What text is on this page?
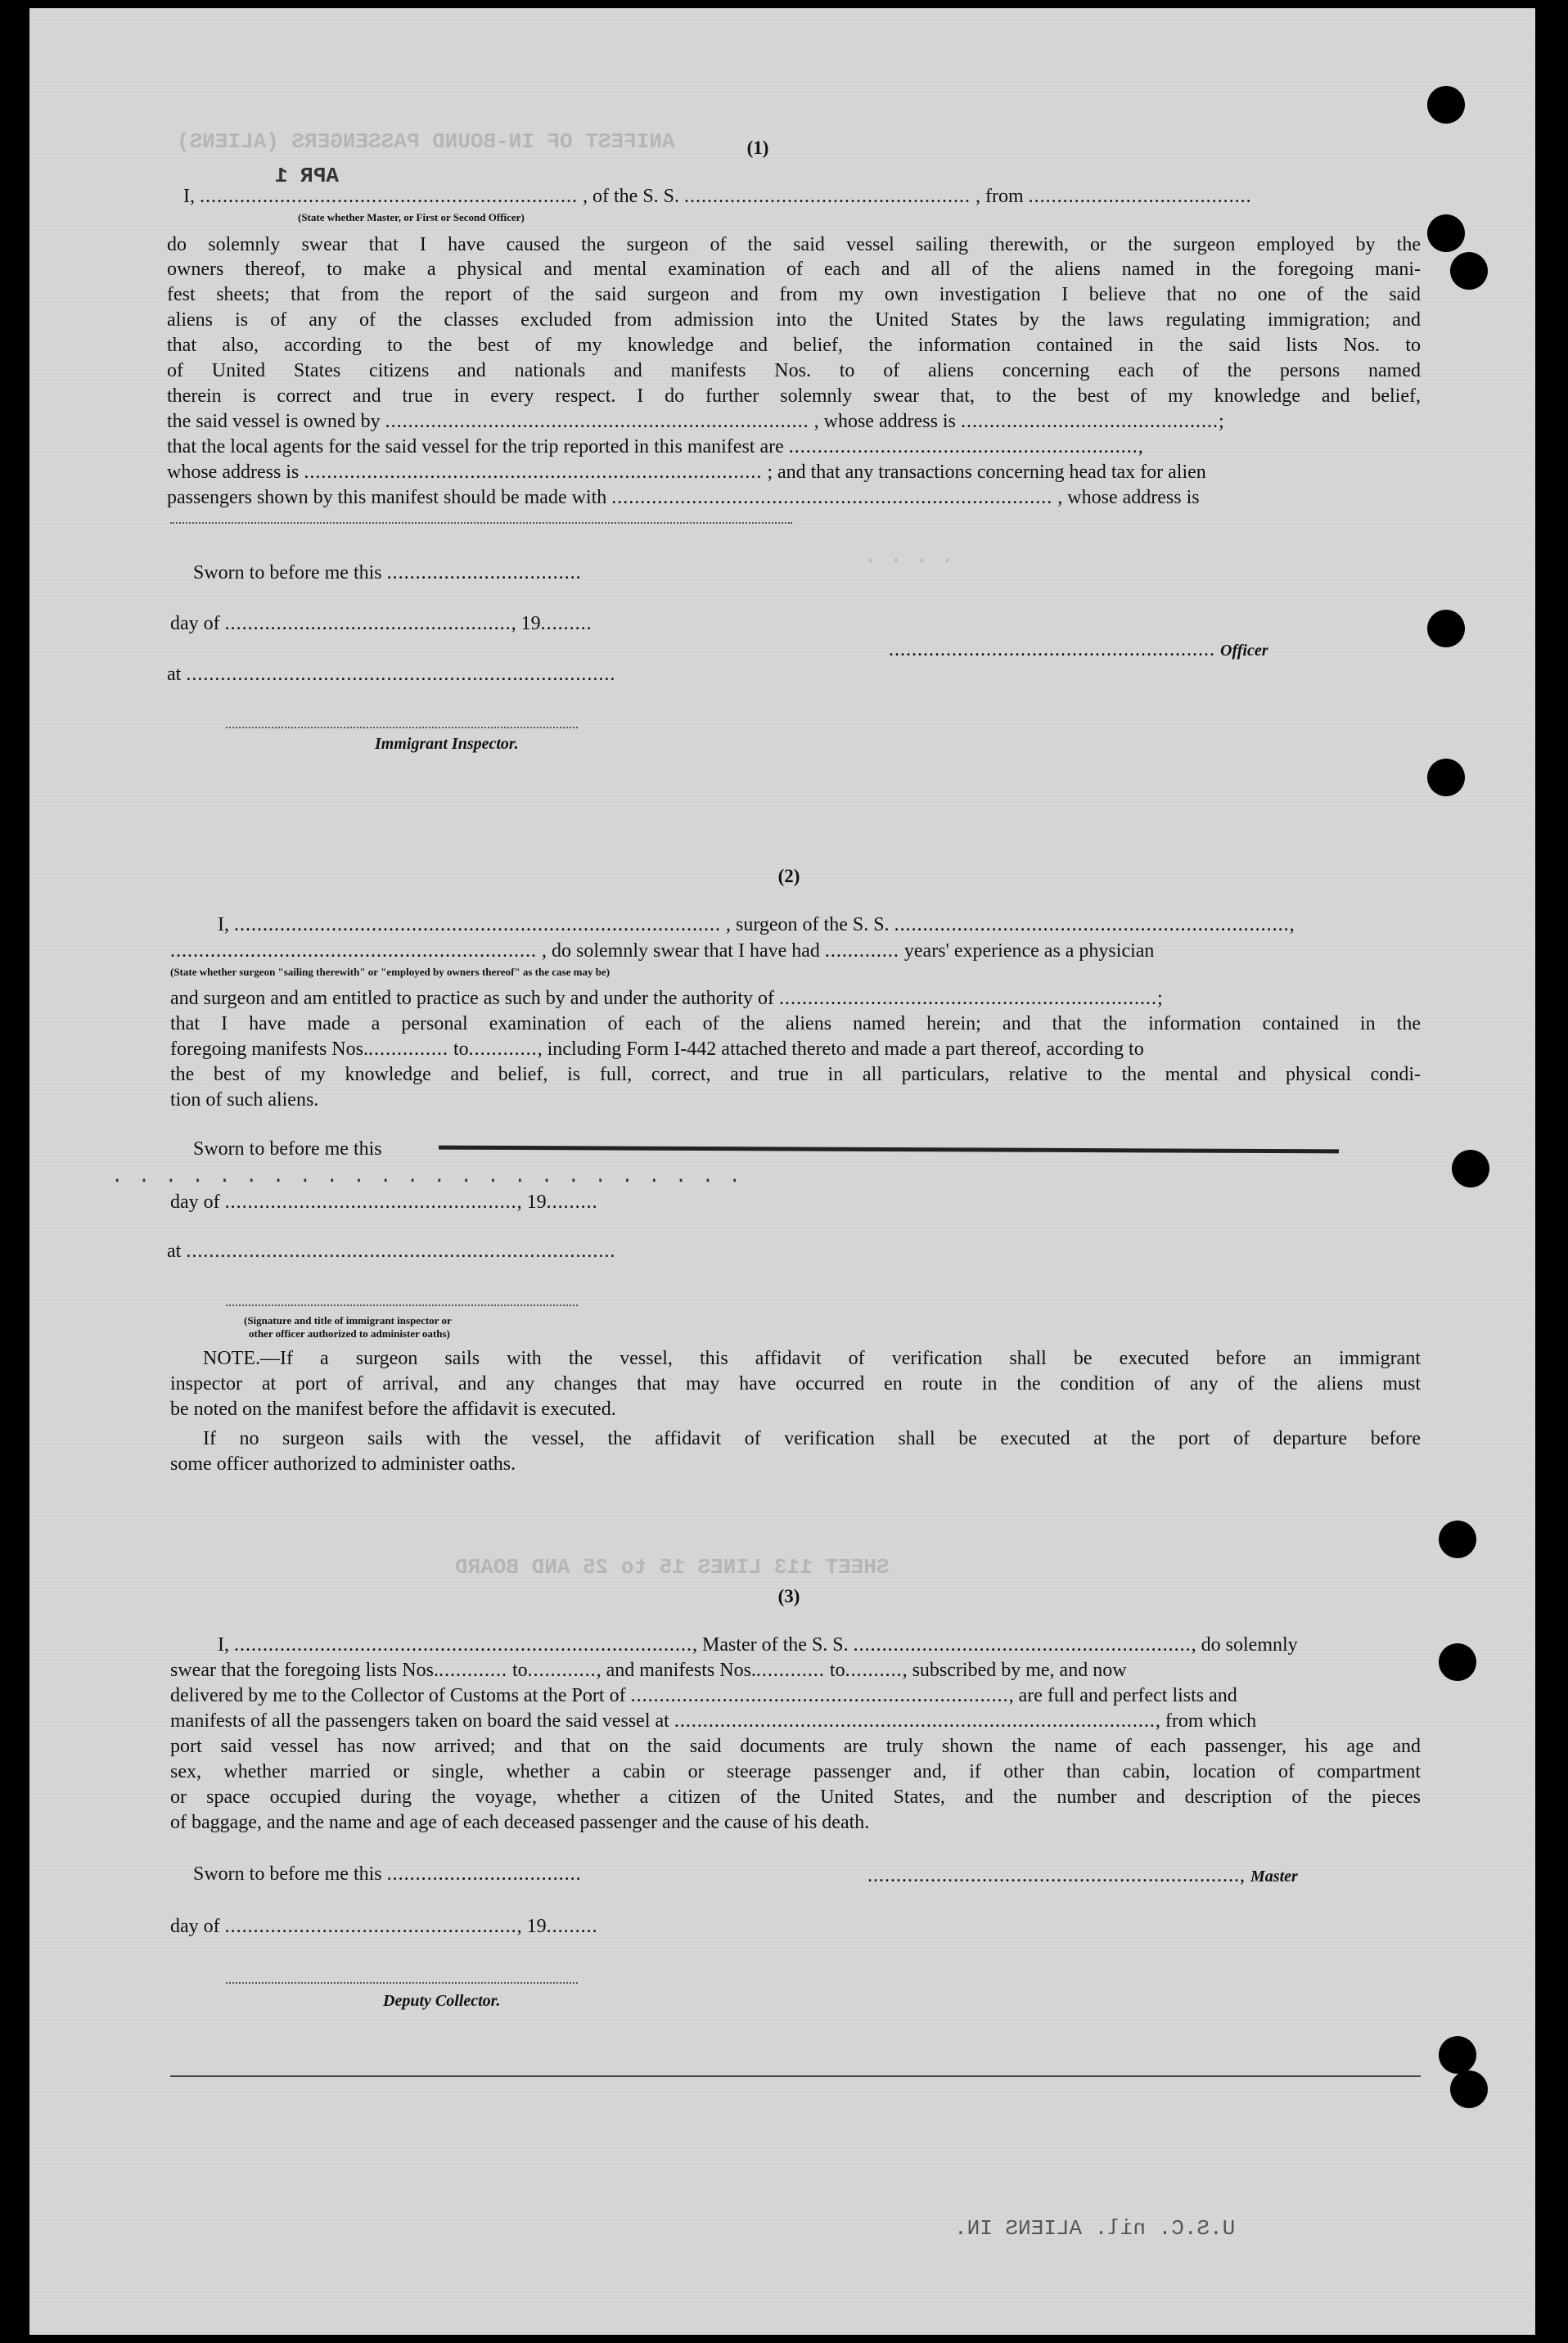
ANIFEST OF IN-BOUND PASSENGERS (ALIENS)
· · · ·
SHEET 113 LINES 15 to 25 AND BOARD
APR 1
(1)
I, .................................................................. , of the S. S. .................................................. , from .......................................
(State whether Master, or First or Second Officer)
do solemnly swear that I have caused the surgeon of the said vessel sailing therewith, or the surgeon employed by the
owners thereof, to make a physical and mental examination of each and all of the aliens named in the foregoing mani-
fest sheets; that from the report of the said surgeon and from my own investigation I believe that no one of the said
aliens is of any of the classes excluded from admission into the United States by the laws regulating immigration; and
that also, according to the best of my knowledge and belief, the information contained in the said lists Nos. to
of United States citizens and nationals and manifests Nos. to of aliens concerning each of the persons named
therein is correct and true in every respect. I do further solemnly swear that, to the best of my knowledge and belief,
the said vessel is owned by .......................................................................... , whose address is .............................................;
that the local agents for the said vessel for the trip reported in this manifest are .............................................................,
whose address is ................................................................................ ; and that any transactions concerning head tax for alien
passengers shown by this manifest should be made with ............................................................................. , whose address is
Sworn to before me this ..................................
day of .................................................., 19.........
......................................................... Officer
at ...........................................................................
Immigrant Inspector.
(2)
I, ..................................................................................... , surgeon of the S. S. .....................................................................,
................................................................ , do solemnly swear that I have had ............. years' experience as a physician
(State whether surgeon "sailing therewith" or "employed by owners thereof" as the case may be)
and surgeon and am entitled to practice as such by and under the authority of ..................................................................;
that I have made a personal examination of each of the aliens named herein; and that the information contained in the
foregoing manifests Nos............... to............, including Form I-442 attached thereto and made a part thereof, according to
the best of my knowledge and belief, is full, correct, and true in all particulars, relative to the mental and physical condi-
tion of such aliens.
Sworn to before me this
· · · · · · · · · · · · · · · · · · · · · · · ·
day of ..................................................., 19.........
at ...........................................................................
(Signature and title of immigrant inspector or
other officer authorized to administer oaths)
NOTE.—If a surgeon sails with the vessel, this affidavit of verification shall be executed before an immigrant
inspector at port of arrival, and any changes that may have occurred en route in the condition of any of the aliens must
be noted on the manifest before the affidavit is executed.
If no surgeon sails with the vessel, the affidavit of verification shall be executed at the port of departure before
some officer authorized to administer oaths.
(3)
I, ................................................................................, Master of the S. S. ..........................................................., do solemnly
swear that the foregoing lists Nos............. to............, and manifests Nos............. to.........., subscribed by me, and now
delivered by me to the Collector of Customs at the Port of .................................................................., are full and perfect lists and
manifests of all the passengers taken on board the said vessel at ...................................................................................., from which
port said vessel has now arrived; and that on the said documents are truly shown the name of each passenger, his age and
sex, whether married or single, whether a cabin or steerage passenger and, if other than cabin, location of compartment
or space occupied during the voyage, whether a citizen of the United States, and the number and description of the pieces
of baggage, and the name and age of each deceased passenger and the cause of his death.
Sworn to before me this ..................................	................................................................., Master
day of ..................................................., 19.........
Deputy Collector.
U.S.C. nil. ALIENS IN.
